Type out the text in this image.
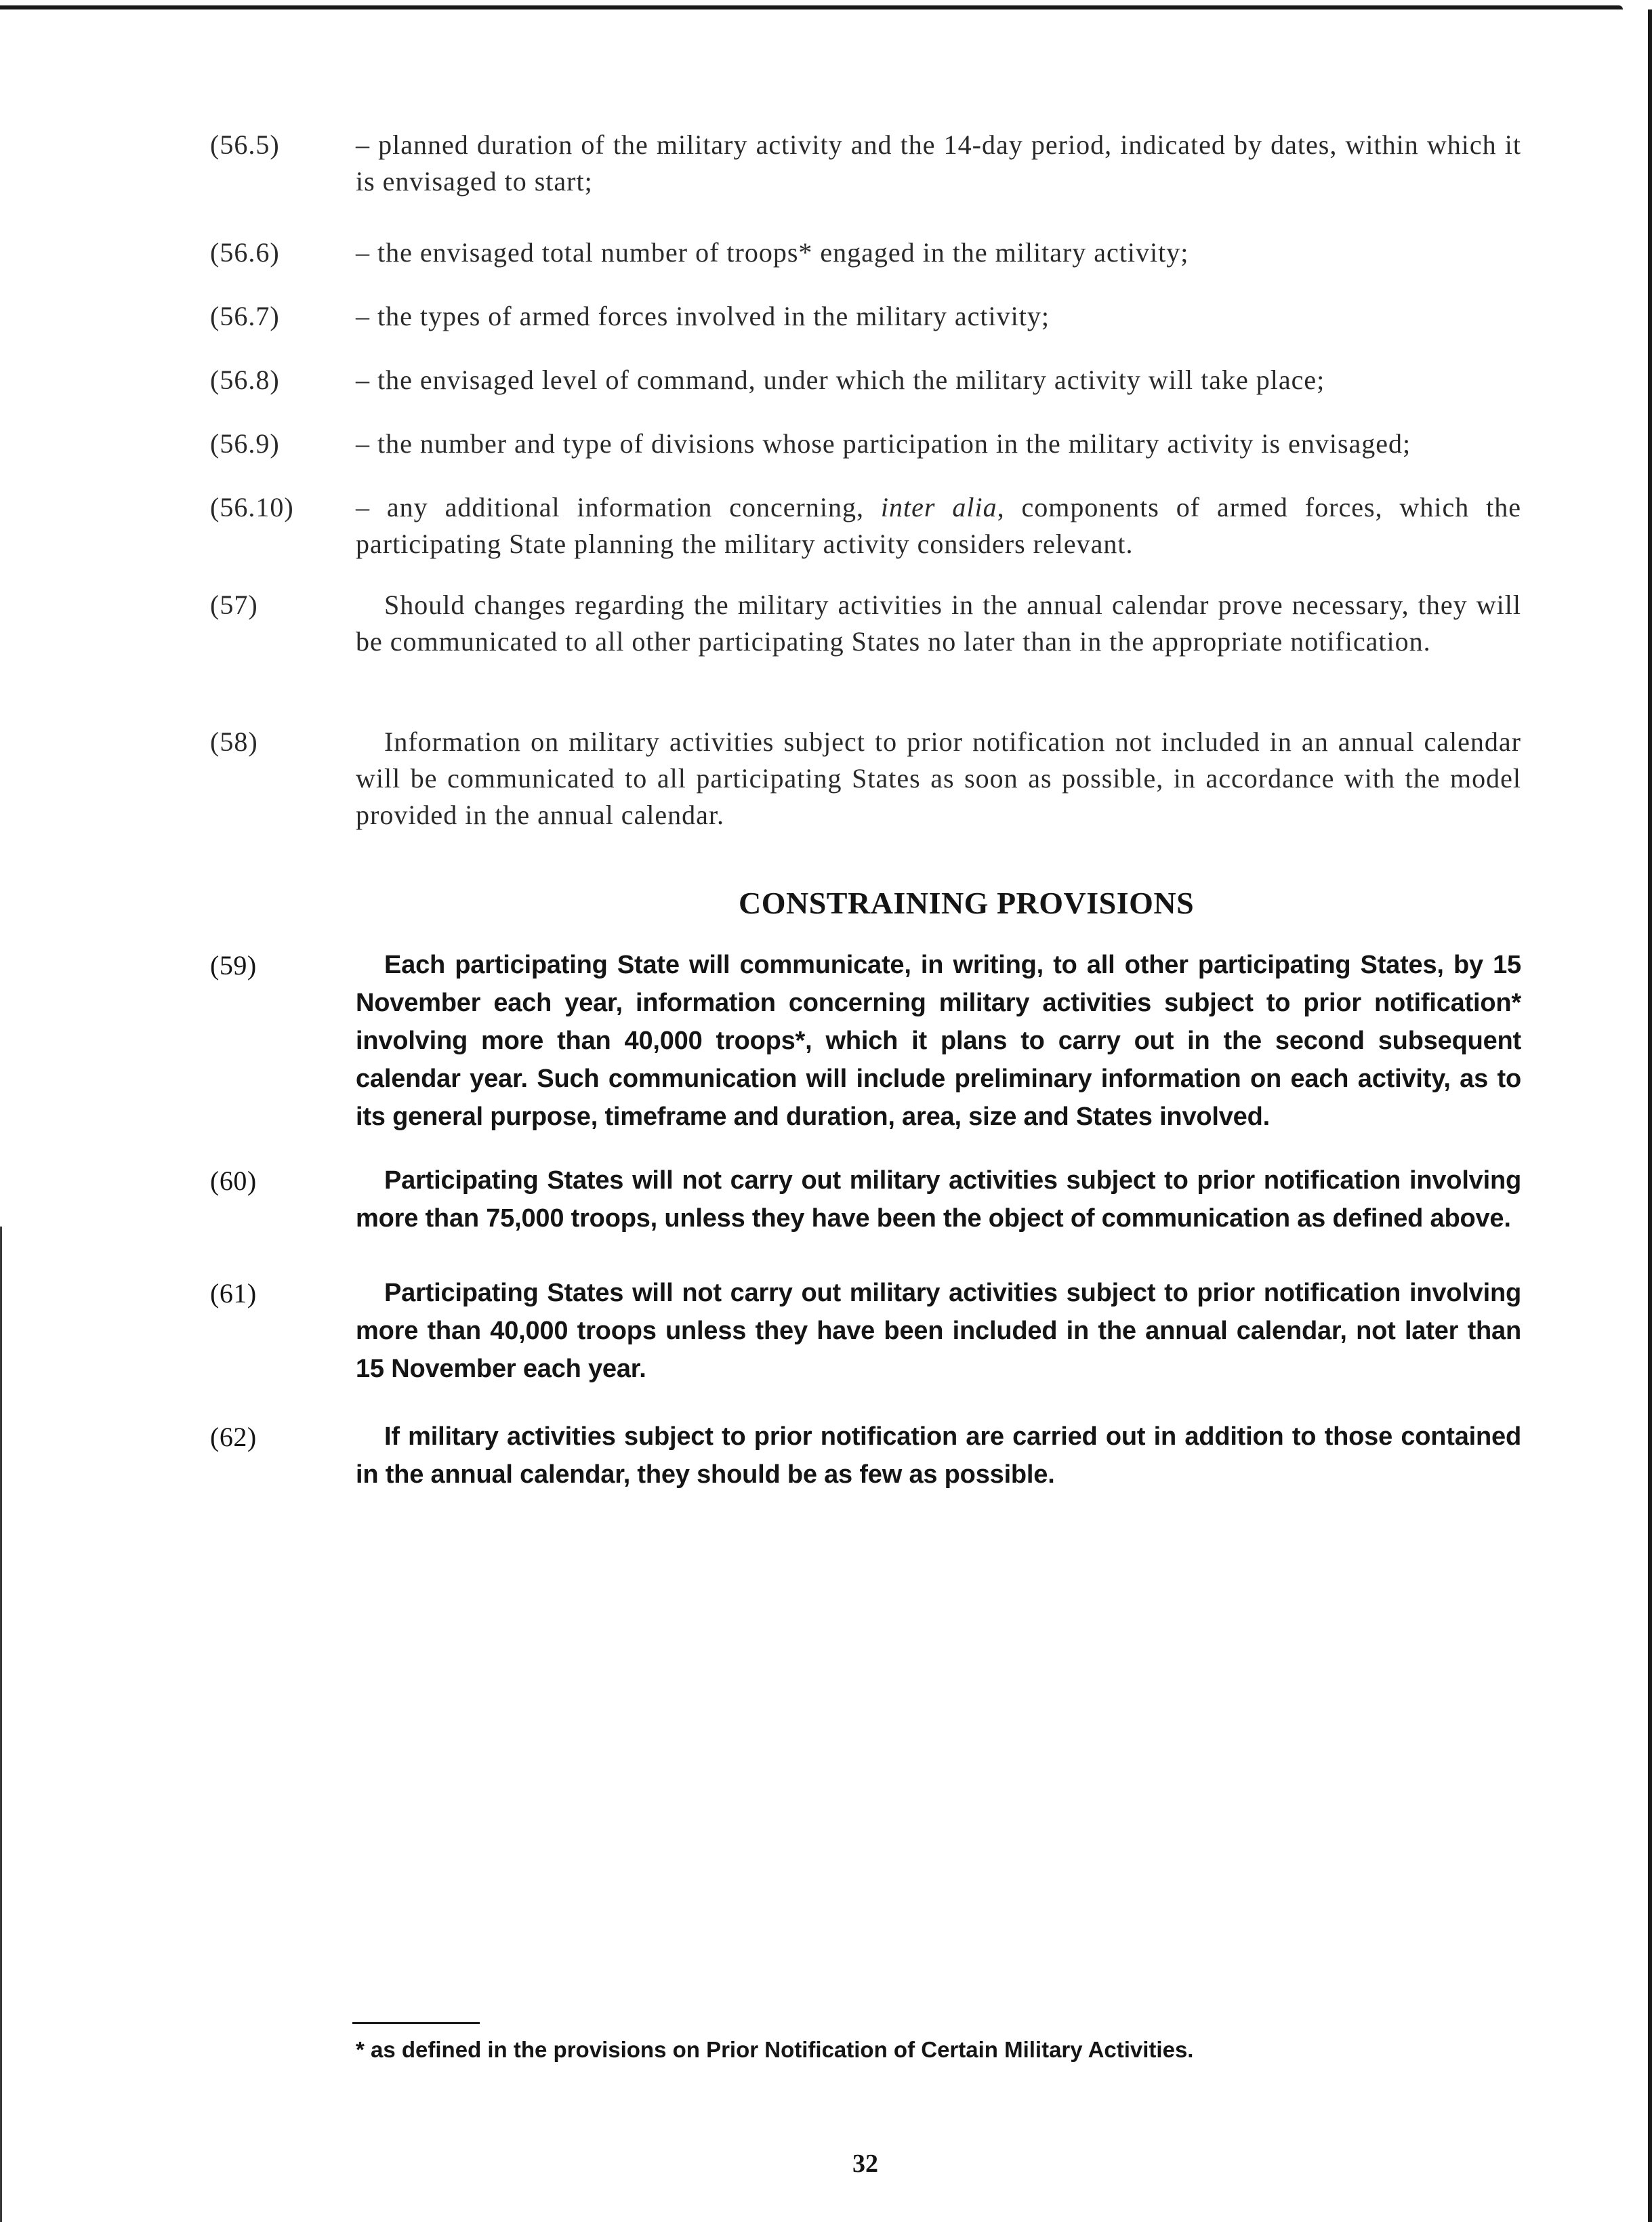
(56.5)	– planned duration of the military activity and the 14-day period, indicated by dates, within which it is envisaged to start;
(56.6)	– the envisaged total number of troops* engaged in the military activity;
(56.7)	– the types of armed forces involved in the military activity;
(56.8)	– the envisaged level of command, under which the military activity will take place;
(56.9)	– the number and type of divisions whose participation in the military activity is envisaged;
(56.10) – any additional information concerning, inter alia, components of armed forces, which the participating State planning the military activity considers relevant.
(57)	Should changes regarding the military activities in the annual calendar prove necessary, they will be communicated to all other participating States no later than in the appropriate notification.
(58)	Information on military activities subject to prior notification not included in an annual calendar will be communicated to all participating States as soon as possible, in accordance with the model provided in the annual calendar.
CONSTRAINING PROVISIONS
(59)	Each participating State will communicate, in writing, to all other participating States, by 15 November each year, information concerning military activities subject to prior notification* involving more than 40,000 troops*, which it plans to carry out in the second subsequent calendar year. Such communication will include preliminary information on each activity, as to its general purpose, timeframe and duration, area, size and States involved.
(60)	Participating States will not carry out military activities subject to prior notification involving more than 75,000 troops, unless they have been the object of communication as defined above.
(61)	Participating States will not carry out military activities subject to prior notification involving more than 40,000 troops unless they have been included in the annual calendar, not later than 15 November each year.
(62)	If military activities subject to prior notification are carried out in addition to those contained in the annual calendar, they should be as few as possible.
* as defined in the provisions on Prior Notification of Certain Military Activities.
32
